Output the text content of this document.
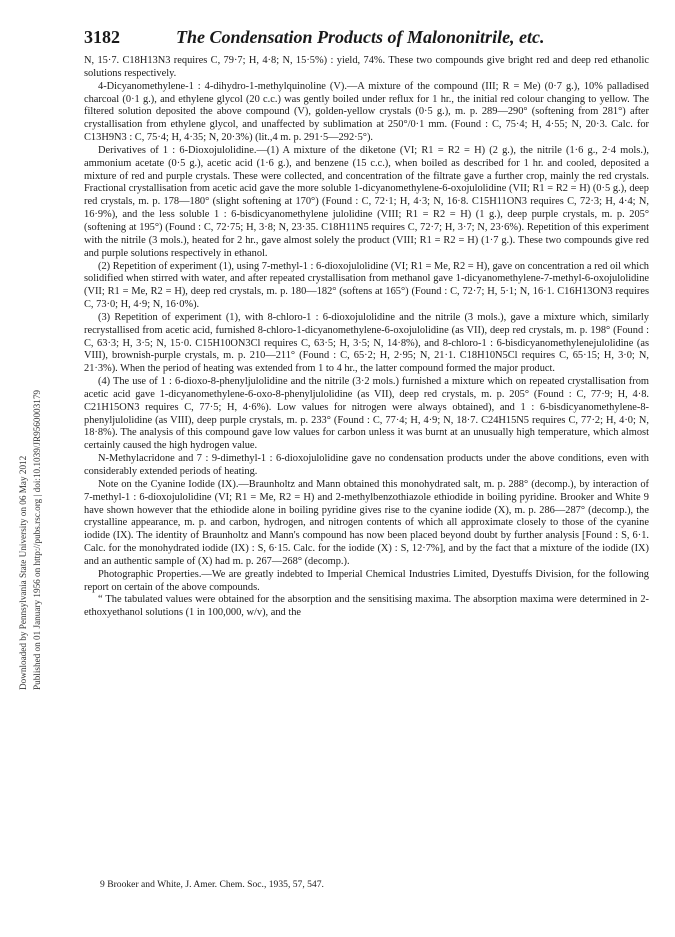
Downloaded by Pennsylvania State University on 06 May 2012 Published on 01 January 1956 on http://pubs.rsc.org | doi:10.1039/JR9560003179
3182	The Condensation Products of Malononitrile, etc.

N, 15·7. C18H13N3 requires C, 79·7; H, 4·8; N, 15·5%) : yield, 74%. These two compounds give bright red and deep red ethanolic solutions respectively.

4-Dicyanomethylene-1 : 4-dihydro-1-methylquinoline (V).—A mixture of the compound (III; R = Me) (0·7 g.), 10% palladised charcoal (0·1 g.), and ethylene glycol (20 c.c.) was gently boiled under reflux for 1 hr., the initial red colour changing to yellow. The filtered solution deposited the above compound (V), golden-yellow crystals (0·5 g.), m. p. 289—290° (softening from 281°) after crystallisation from ethylene glycol, and unaffected by sublimation at 250°/0·1 mm. (Found : C, 75·4; H, 4·55; N, 20·3. Calc. for C13H9N3 : C, 75·4; H, 4·35; N, 20·3%) (lit.,4 m. p. 291·5—292·5°).

Derivatives of 1 : 6-Dioxojulolidine.—(1) A mixture of the diketone (VI; R1 = R2 = H) (2 g.), the nitrile (1·6 g., 2·4 mols.), ammonium acetate (0·5 g.), acetic acid (1·6 g.), and benzene (15 c.c.), when boiled as described for 1 hr. and cooled, deposited a mixture of red and purple crystals. These were collected, and concentration of the filtrate gave a further crop, mainly the red crystals. Fractional crystallisation from acetic acid gave the more soluble 1-dicyanomethylene-6-oxojulolidine (VII; R1 = R2 = H) (0·5 g.), deep red crystals, m. p. 178—180° (slight softening at 170°) (Found : C, 72·1; H, 4·3; N, 16·8. C15H11ON3 requires C, 72·3; H, 4·4; N, 16·9%), and the less soluble 1 : 6-bisdicyanomethylene julolidine (VIII; R1 = R2 = H) (1 g.), deep purple crystals, m. p. 205° (softening at 195°) (Found : C, 72·75; H, 3·8; N, 23·35. C18H11N5 requires C, 72·7; H, 3·7; N, 23·6%). Repetition of this experiment with the nitrile (3 mols.), heated for 2 hr., gave almost solely the product (VIII; R1 = R2 = H) (1·7 g.). These two compounds give red and purple solutions respectively in ethanol.

(2) Repetition of experiment (1), using 7-methyl-1 : 6-dioxojulolidine (VI; R1 = Me, R2 = H), gave on concentration a red oil which solidified when stirred with water, and after repeated crystallisation from methanol gave 1-dicyanomethylene-7-methyl-6-oxojulolidine (VII; R1 = Me, R2 = H), deep red crystals, m. p. 180—182° (softens at 165°) (Found : C, 72·7; H, 5·1; N, 16·1. C16H13ON3 requires C, 73·0; H, 4·9; N, 16·0%).

(3) Repetition of experiment (1), with 8-chloro-1 : 6-dioxojulolidine and the nitrile (3 mols.), gave a mixture which, similarly recrystallised from acetic acid, furnished 8-chloro-1-dicyanomethylene-6-oxojulolidine (as VII), deep red crystals, m. p. 198° (Found : C, 63·3; H, 3·5; N, 15·0. C15H10ON3Cl requires C, 63·5; H, 3·5; N, 14·8%), and 8-chloro-1 : 6-bisdicyanomethylenejulolidine (as VIII), brownish-purple crystals, m. p. 210—211° (Found : C, 65·2; H, 2·95; N, 21·1. C18H10N5Cl requires C, 65·15; H, 3·0; N, 21·3%). When the period of heating was extended from 1 to 4 hr., the latter compound formed the major product.

(4) The use of 1 : 6-dioxo-8-phenyljulolidine and the nitrile (3·2 mols.) furnished a mixture which on repeated crystallisation from acetic acid gave 1-dicyanomethylene-6-oxo-8-phenyljulolidine (as VII), deep red crystals, m. p. 205° (Found : C, 77·9; H, 4·8. C21H15ON3 requires C, 77·5; H, 4·6%). Low values for nitrogen were always obtained), and 1 : 6-bisdicyanomethylene-8-phenyljulolidine (as VIII), deep purple crystals, m. p. 233° (Found : C, 77·4; H, 4·9; N, 18·7. C24H15N5 requires C, 77·2; H, 4·0; N, 18·8%). The analysis of this compound gave low values for carbon unless it was burnt at an unusually high temperature, which almost certainly caused the high hydrogen value.

N-Methylacridone and 7 : 9-dimethyl-1 : 6-dioxojulolidine gave no condensation products under the above conditions, even with considerably extended periods of heating.

Note on the Cyanine Iodide (IX).—Braunholtz and Mann obtained this monohydrated salt, m. p. 288° (decomp.), by interaction of 7-methyl-1 : 6-dioxojulolidine (VI; R1 = Me, R2 = H) and 2-methylbenzothiazole ethiodide in boiling pyridine. Brooker and White 9 have shown however that the ethiodide alone in boiling pyridine gives rise to the cyanine iodide (X), m. p. 286—287° (decomp.), the crystalline appearance, m. p. and carbon, hydrogen, and nitrogen contents of which all approximate closely to those of the cyanine iodide (IX). The identity of Braunholtz and Mann's compound has now been placed beyond doubt by further analysis [Found : S, 6·1. Calc. for the monohydrated iodide (IX) : S, 6·15. Calc. for the iodide (X) : S, 12·7%], and by the fact that a mixture of the iodide (IX) and an authentic sample of (X) had m. p. 267—268° (decomp.).

Photographic Properties.—We are greatly indebted to Imperial Chemical Industries Limited, Dyestuffs Division, for the following report on certain of the above compounds.

“ The tabulated values were obtained for the absorption and the sensitising maxima. The absorption maxima were determined in 2-ethoxyethanol solutions (1 in 100,000, w/v), and the

9 Brooker and White, J. Amer. Chem. Soc., 1935, 57, 547.
